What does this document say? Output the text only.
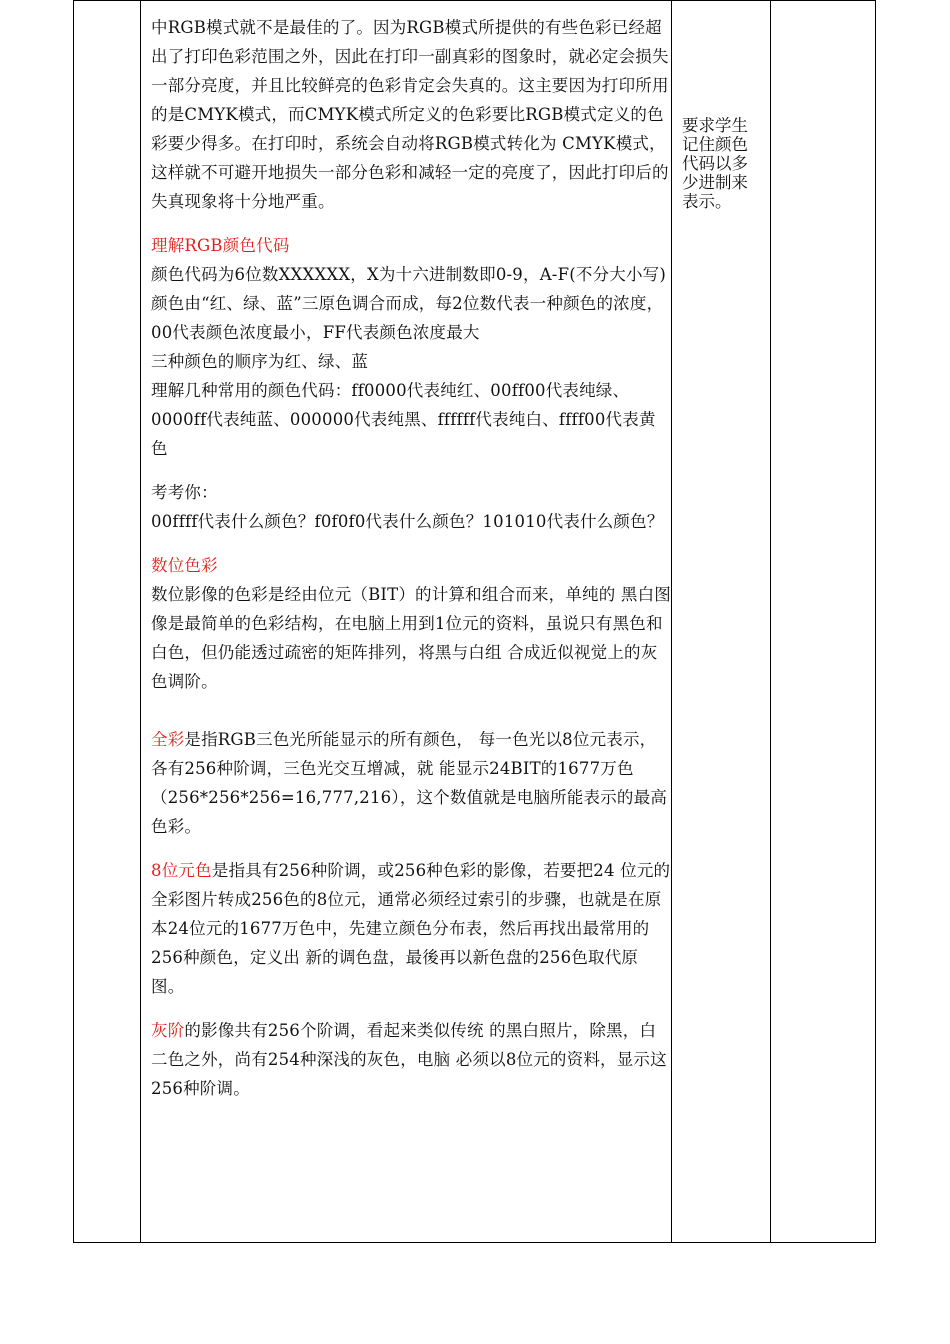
中RGB模式就不是最佳的了。因为RGB模式所提供的有些色彩已经超出了打印色彩范围之外，因此在打印一副真彩的图象时，就必定会损失一部分亮度，并且比较鲜亮的色彩肯定会失真的。这主要因为打印所用的是CMYK模式，而CMYK模式所定义的色彩要比RGB模式定义的色彩要少得多。在打印时，系统会自动将RGB模式转化为 CMYK模式，这样就不可避开地损失一部分色彩和减轻一定的亮度了，因此打印后的失真现象将十分地严重。

理解RGB颜色代码

颜色代码为6位数XXXXXX，X为十六进制数即0-9，A-F(不分大小写)

颜色由“红、绿、蓝”三原色调合而成，每2位数代表一种颜色的浓度，00代表颜色浓度最小，FF代表颜色浓度最大

三种颜色的顺序为红、绿、蓝

理解几种常用的颜色代码：ff0000代表纯红、00ff00代表纯绿、0000ff代表纯蓝、000000代表纯黑、ffffff代表纯白、ffff00代表黄色

考考你：

00ffff代表什么颜色？f0f0f0代表什么颜色？101010代表什么颜色？

数位色彩

数位影像的色彩是经由位元（BIT）的计算和组合而来，单纯的 黑白图像是最简单的色彩结构，在电脑上用到1位元的资料，虽说只有黑色和白色，但仍能透过疏密的矩阵排列，将黑与白组 合成近似视觉上的灰色调阶。

全彩是指RGB三色光所能显示的所有颜色， 每一色光以8位元表示，各有256种阶调，三色光交互增减，就 能显示24BIT的1677万色（256*256*256=16,777,216），这个数值就是电脑所能表示的最高色彩。

8位元色是指具有256种阶调，或256种色彩的影像，若要把24 位元的全彩图片转成256色的8位元，通常必须经过索引的步骤，也就是在原本24位元的1677万色中，先建立颜色分布表，然后再找出最常用的256种颜色，定义出 新的调色盘，最後再以新色盘的256色取代原图。

灰阶的影像共有256个阶调，看起来类似传统 的黑白照片，除黑，白二色之外，尚有254种深浅的灰色，电脑 必须以8位元的资料，显示这256种阶调。

要求学生记住颜色代码以多少进制来表示。
